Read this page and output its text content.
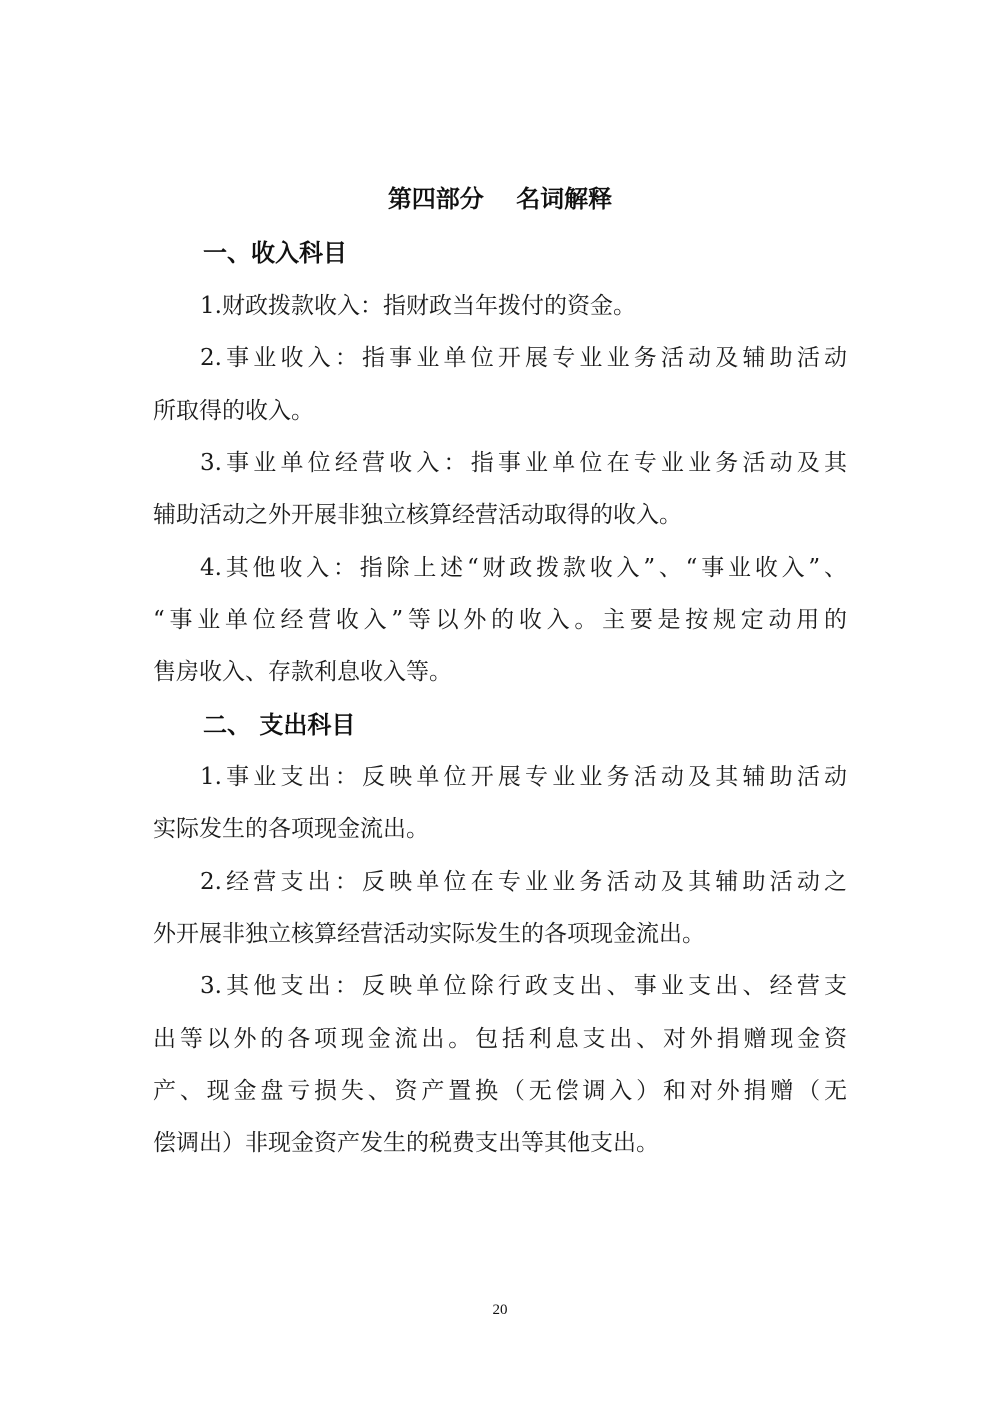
第四部分　 名词解释
一、收入科目
1.财政拨款收入：指财政当年拨付的资金。
2.事业收入：指事业单位开展专业业务活动及辅助活动
所取得的收入。
3.事业单位经营收入：指事业单位在专业业务活动及其
辅助活动之外开展非独立核算经营活动取得的收入。
4.其他收入：指除上述“财政拨款收入”、“事业收入”、
“事业单位经营收入”等以外的收入。主要是按规定动用的
售房收入、存款利息收入等。
二、 支出科目
1.事业支出：反映单位开展专业业务活动及其辅助活动
实际发生的各项现金流出。
2.经营支出：反映单位在专业业务活动及其辅助活动之
外开展非独立核算经营活动实际发生的各项现金流出。
3.其他支出：反映单位除行政支出、事业支出、经营支
出等以外的各项现金流出。包括利息支出、对外捐赠现金资
产、现金盘亏损失、资产置换（无偿调入）和对外捐赠（无
偿调出）非现金资产发生的税费支出等其他支出。
20
